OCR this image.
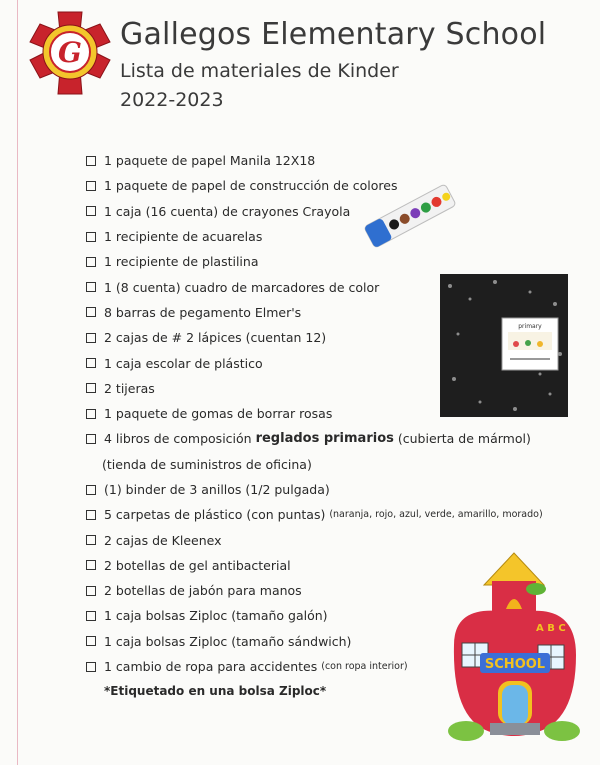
G
Gallegos Elementary School
Lista de materiales de Kinder
2022-2023
1 paquete de papel Manila 12X18
1 paquete de papel de construcción de colores
1 caja (16 cuenta) de crayones Crayola
1 recipiente de acuarelas
1 recipiente de plastilina
1 (8 cuenta) cuadro de marcadores de color
8 barras de pegamento Elmer's
2 cajas de # 2 lápices (cuentan 12)
1 caja escolar de plástico
2 tijeras
1 paquete de gomas de borrar rosas
4 libros de composición
reglados primarios
(cubierta de mármol)
(tienda de suministros de oficina)
(1) binder de 3 anillos (1/2 pulgada)
5 carpetas de plástico (con puntas)
(naranja, rojo, azul, verde, amarillo, morado)
2 cajas de Kleenex
2 botellas de gel antibacterial
2 botellas de jabón para manos
1 caja bolsas Ziploc (tamaño galón)
1 caja bolsas Ziploc (tamaño sándwich)
1 cambio de ropa para accidentes
(con ropa interior)
*Etiquetado en una bolsa Ziploc*
primary
A B C
SCHOOL
